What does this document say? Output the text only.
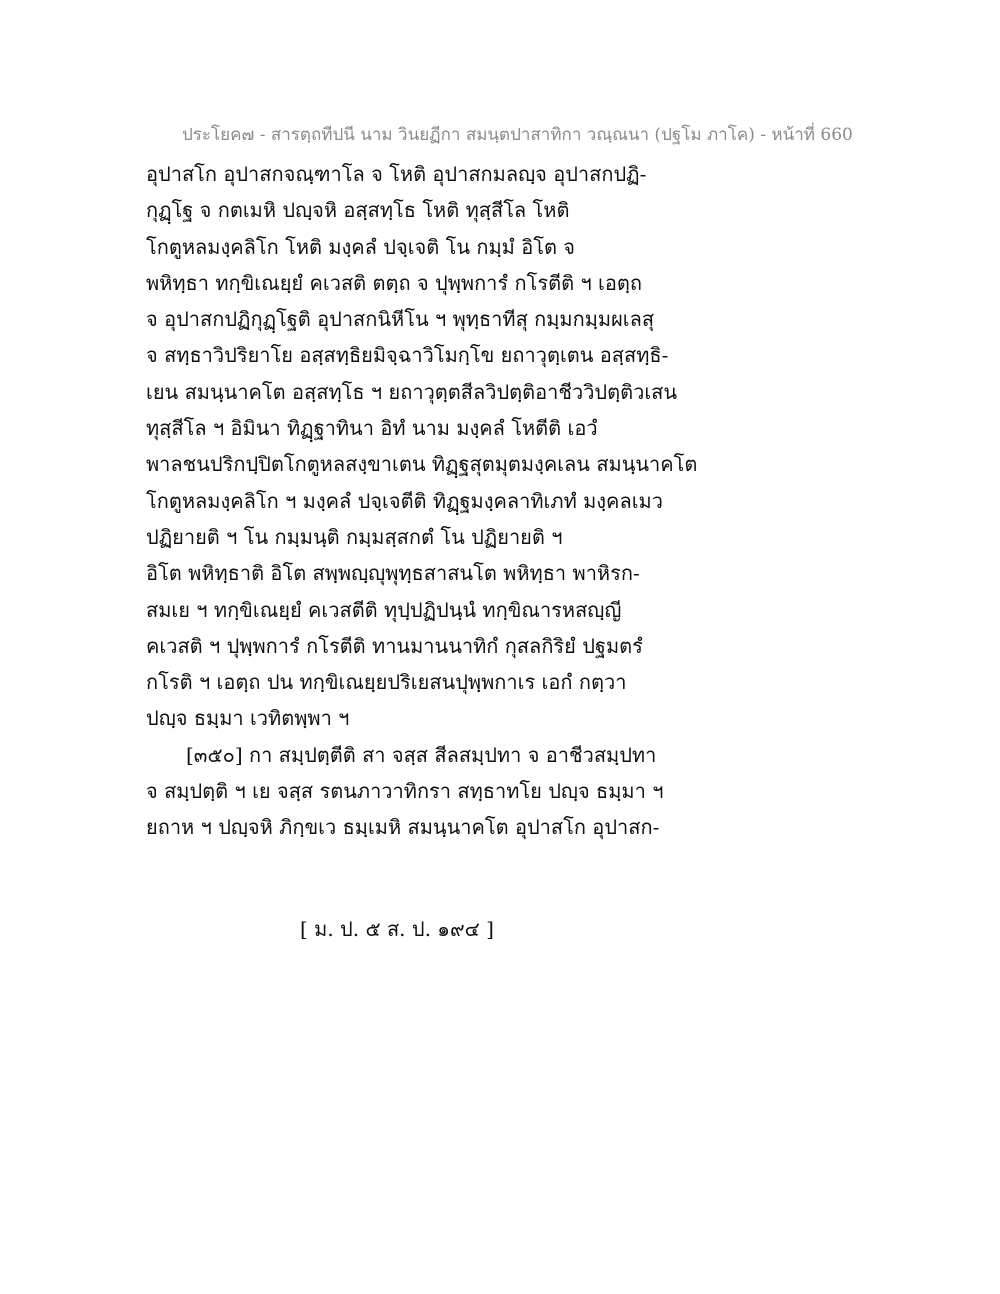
ประโยค๗ - สารตฺถทีปนี นาม วินยฏีกา สมนฺตปาสาทิกา วณฺณนา (ปฐโม ภาโค) - หน้าที่ 660
อุปาสโก อุปาสกจณฺฑาโล จ โหติ อุปาสกมลญฺจ อุปาสกปฏิ-
กุฏฺโฐ จ กตเมหิ ปญฺจหิ อสฺสทฺโธ โหติ ทุสฺสีโล โหติ
โกตูหลมงฺคลิโก โหติ มงฺคลํ ปจฺเจติ โน กมฺมํ อิโต จ
พหิทฺธา ทกฺขิเณยฺยํ คเวสติ ตตฺถ จ ปุพฺพการํ กโรตีติ ฯ เอตฺถ
จ อุปาสกปฏิกุฏฺโฐติ อุปาสกนิหีโน ฯ พุทฺธาทีสุ กมฺมกมฺมผเลสุ
จ สทฺธาวิปริยาโย อสฺสทฺธิยมิจฺฉาวิโมกฺโข ยถาวุตฺเตน อสฺสทฺธิ-
เยน สมนฺนาคโต อสฺสทฺโธ ฯ ยถาวุตฺตสีลวิปตฺติอาชีววิปตฺติวเสน
ทุสฺสีโล ฯ อิมินา ทิฏฺฐาทินา อิทํ นาม มงฺคลํ โหตีติ เอวํ
พาลชนปริกปฺปิตโกตูหลสงฺขาเตน ทิฏฺฐสุตมุตมงฺคเลน สมนฺนาคโต
โกตูหลมงฺคลิโก ฯ มงฺคลํ ปจฺเจตีติ ทิฏฺฐมงฺคลาทิเภทํ มงฺคลเมว
ปฏิยายติ ฯ โน กมฺมนฺติ กมฺมสฺสกตํ โน ปฏิยายติ ฯ
อิโต พหิทฺธาติ อิโต สพฺพญฺญุพุทฺธสาสนโต พหิทฺธา พาหิรก-
สมเย ฯ ทกฺขิเณยฺยํ คเวสตีติ ทุปฺปฏิปนฺนํ ทกฺขิณารหสญฺญี
คเวสติ ฯ ปุพฺพการํ กโรตีติ ทานมานนาทิกํ กุสลกิริยํ ปฐมตรํ
กโรติ ฯ เอตฺถ ปน ทกฺขิเณยฺยปริเยสนปุพฺพกาเร เอกํ กตฺวา
ปญฺจ ธมฺมา เวทิตพฺพา ฯ
[๓๕๐] กา สมฺปตฺตีติ สา จสฺส สีลสมฺปทา จ อาชีวสมฺปทา
จ สมฺปตฺติ ฯ เย จสฺส รตนภาวาทิกรา สทฺธาทโย ปญฺจ ธมฺมา ฯ
ยถาห ฯ ปญฺจหิ ภิกฺขเว ธมฺเมหิ สมนฺนาคโต อุปาสโก อุปาสก-
[ ม. ป. ๕ ส. ป. ๑๙๔ ]
